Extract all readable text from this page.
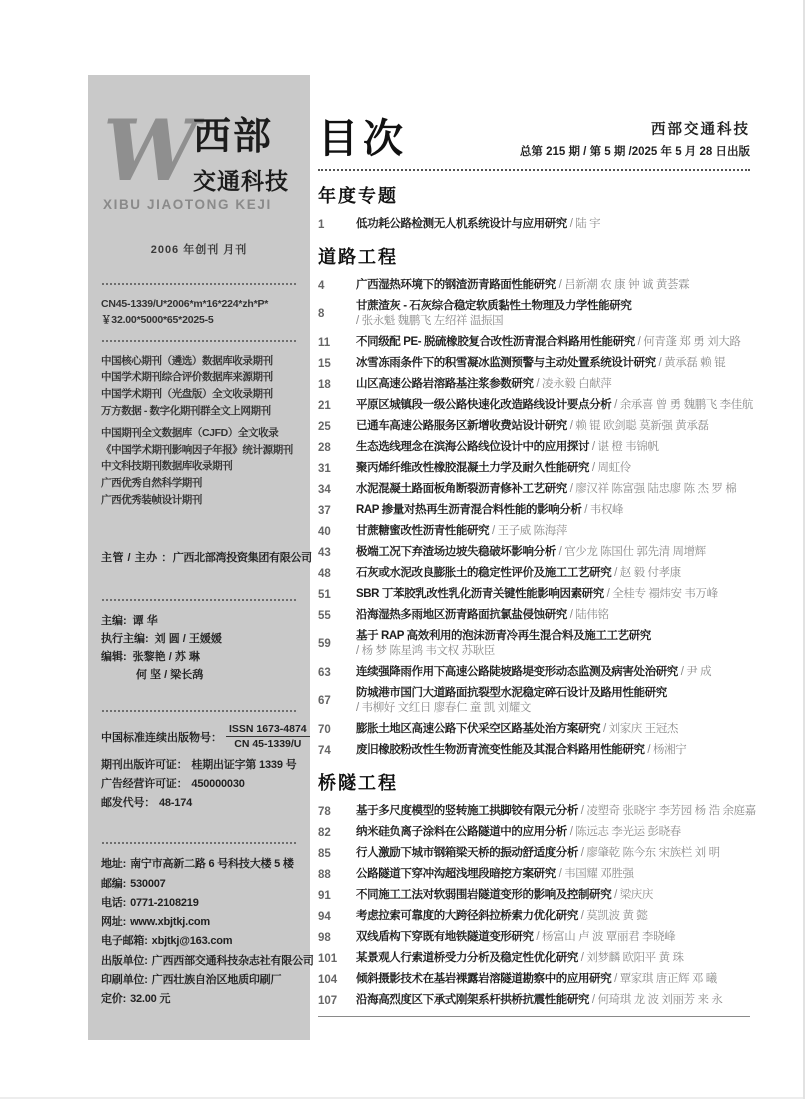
W
西部
交通科技
XIBU JIAOTONG KEJI
2006 年创刊 月刊
CN45-1339/U*2006*m*16*224*zh*P*
￥32.00*5000*65*2025-5
中国核心期刊（遴选）数据库收录期刊
中国学术期刊综合评价数据库来源期刊
中国学术期刊（光盘版）全文收录期刊
万方数据 - 数字化期刊群全文上网期刊
中国期刊全文数据库（CJFD）全文收录
《中国学术期刊影响因子年报》统计源期刊
中文科技期刊数据库收录期刊
广西优秀自然科学期刊
广西优秀装帧设计期刊
主管 / 主办 ：广西北部湾投资集团有限公司
主编: 谭 华
执行主编: 刘 圆 / 王媛媛
编辑: 张黎艳 / 苏 琳
何 坚 / 梁长鸹
中国标准连续出版物号： $\frac{\text{ISSN 1673-4874}}{CN 45-1339/U}$
期刊出版许可证： 桂期出证字第 1339 号
广告经营许可证： 450000030
邮发代号： 48-174
地址: 南宁市高新二路 6 号科技大楼 5 楼
邮编: 530007
电话: 0771-2108219
网址: www.xbjtkj.com
电子邮箱: xbjtkj@163.com
出版单位: 广西西部交通科技杂志社有限公司
印刷单位: 广西壮族自治区地质印刷厂
定价: 32.00 元
目次	西部交通科技
总第 215 期 / 第 5 期 /2025 年 5 月 28 日出版
年度专题
1	低功耗公路检测无人机系统设计与应用研究 / 陆 宇
道路工程
4	广西湿热环境下的钢渣沥青路面性能研究 / 吕新潮 农 康 钟 诚 黄荟霖
8
甘蔗渣灰 - 石灰综合稳定软质黏性土物理及力学性能研究
/ 张永魁 魏鹏飞 左绍祥 温振国
11	不同级配 PE- 脱硫橡胶复合改性沥青混合料路用性能研究 / 何青蓬 郑 勇 刘大路
15	冰雪冻雨条件下的积雪凝冰监测预警与主动处置系统设计研究 / 黄承磊 赖 锟
18	山区高速公路岩溶路基注浆参数研究 / 凌永毅 白献萍
21	平原区城镇段一级公路快速化改造路线设计要点分析 / 余承喜 曾 勇 魏鹏飞 李佳航
25	已通车高速公路服务区新增收费站设计研究 / 赖 锟 欧剑聪 莫新强 黄承磊
28	生态选线理念在滨海公路线位设计中的应用探讨 / 谌 橙 韦锦帆
31	聚丙烯纤维改性橡胶混凝土力学及耐久性能研究 / 周虹伶
34	水泥混凝土路面板角断裂沥青修补工艺研究 / 廖汉祥 陈富强 陆忠廖 陈 杰 罗 棉
37	RAP 掺量对热再生沥青混合料性能的影响分析 / 韦权峰
40	甘蔗糖蜜改性沥青性能研究 / 王子威 陈海萍
43	极端工况下弃渣场边坡失稳破坏影响分析 / 官少龙 陈国仕 郭先清 周增辉
48	石灰或水泥改良膨胀土的稳定性评价及施工工艺研究 / 赵 毅 付孝康
51	SBR 丁苯胶乳改性乳化沥青关键性能影响因素研究 / 全桂专 禤炜安 韦万峰
55	沿海湿热多雨地区沥青路面抗氯盐侵蚀研究 / 陆伟铭
59
基于 RAP 高效利用的泡沫沥青冷再生混合料及施工工艺研究
/ 杨 梦 陈星鸿 韦文权 苏耿臣
63	连续强降雨作用下高速公路陡坡路堤变形动态监测及病害处治研究 / 尹 成
67
防城港市国门大道路面抗裂型水泥稳定碎石设计及路用性能研究
/ 韦柳好 文红日 廖春仁 童 凯 刘耀文
70	膨胀土地区高速公路下伏采空区路基处治方案研究 / 刘家庆 王冠杰
74	废旧橡胶粉改性生物沥青流变性能及其混合料路用性能研究 / 杨湘宁
桥隧工程
78	基于多尺度模型的竖转施工拱脚铰有限元分析 / 凌塑奇 张晓宇 李芳园 杨 浩 余庭嘉
82	纳米硅负离子涂料在公路隧道中的应用分析 / 陈远志 李光运 彭晓春
85	行人激励下城市钢箱梁天桥的振动舒适度分析 / 廖肇乾 陈今东 宋族栏 刘 明
88	公路隧道下穿冲沟超浅埋段暗挖方案研究 / 韦国耀 邓胜强
91	不同施工工法对软弱围岩隧道变形的影响及控制研究 / 梁庆庆
94	考虑拉索可靠度的大跨径斜拉桥索力优化研究 / 莫凯波 黄 懿
98	双线盾构下穿既有地铁隧道变形研究 / 杨富山 卢 波 覃丽君 李晓峰
101	某景观人行索道桥受力分析及稳定性优化研究 / 刘梦麟 欧阳平 黄 珠
104	倾斜摄影技术在基岩裸露岩溶隧道勘察中的应用研究 / 覃家琪 唐正辉 邓 曦
107	沿海高烈度区下承式刚架系杆拱桥抗震性能研究 / 何琦琪 龙 波 刘丽芳 来 永
